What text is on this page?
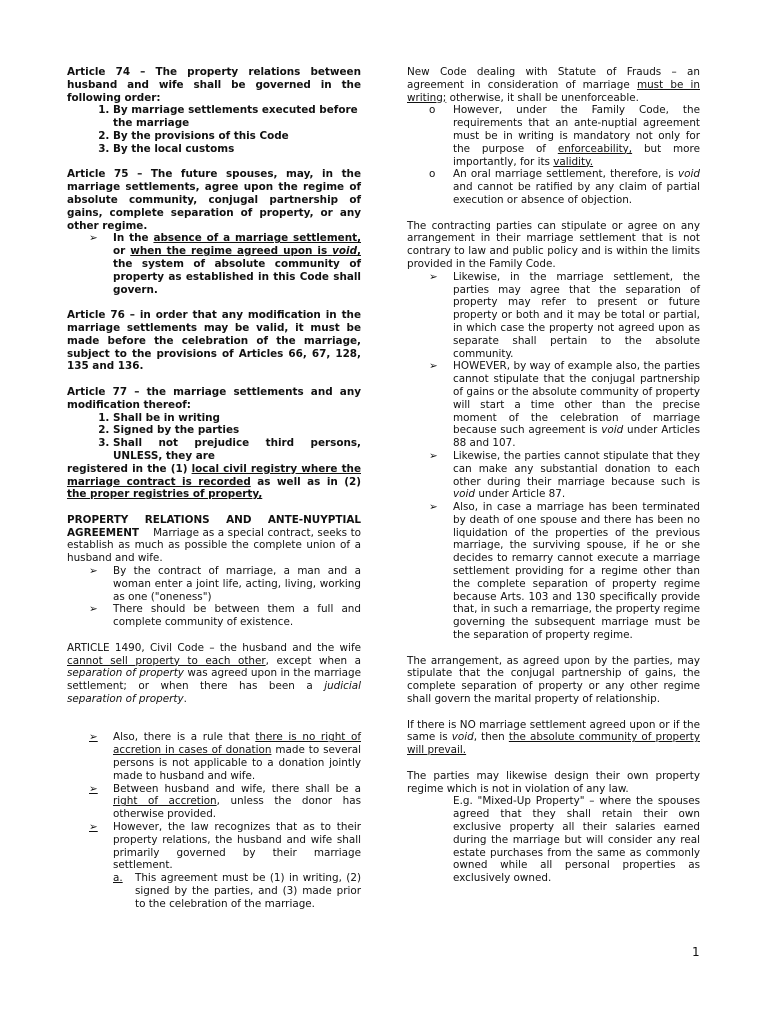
Article 74 – The property relations between husband and wife shall be governed in the following order:

1. By marriage settlements executed before the marriage
2. By the provisions of this Code
3. By the local customs

Article 75 – The future spouses, may, in the marriage settlements, agree upon the regime of absolute community, conjugal partnership of gains, complete separation of property, or any other regime.

➢ In the absence of a marriage settlement, or when the regime agreed upon is void, the system of absolute community of property as established in this Code shall govern.

Article 76 – in order that any modification in the marriage settlements may be valid, it must be made before the celebration of the marriage, subject to the provisions of Articles 66, 67, 128, 135 and 136.

Article 77 – the marriage settlements and any modification thereof:

1. Shall be in writing
2. Signed by the parties
3. Shall not prejudice third persons, UNLESS, they are

registered in the (1) local civil registry where the marriage contract is recorded as well as in (2) the proper registries of property,

PROPERTY RELATIONS AND ANTE-NUYPTIAL AGREEMENT Marriage as a special contract, seeks to establish as much as possible the complete union of a husband and wife.

➢ By the contract of marriage, a man and a woman enter a joint life, acting, living, working as one ("oneness")
➢ There should be between them a full and complete community of existence.

ARTICLE 1490, Civil Code – the husband and the wife cannot sell property to each other, except when a separation of property was agreed upon in the marriage settlement; or when there has been a judicial separation of property.

➢ Also, there is a rule that there is no right of accretion in cases of donation made to several persons is not applicable to a donation jointly made to husband and wife.
➢ Between husband and wife, there shall be a right of accretion, unless the donor has otherwise provided.
➢ However, the law recognizes that as to their property relations, the husband and wife shall primarily governed by their marriage settlement.
a. This agreement must be (1) in writing, (2) signed by the parties, and (3) made prior to the celebration of the marriage.

New Code dealing with Statute of Frauds – an agreement in consideration of marriage must be in writing; otherwise, it shall be unenforceable.

o However, under the Family Code, the requirements that an ante-nuptial agreement must be in writing is mandatory not only for the purpose of enforceability, but more importantly, for its validity.
o An oral marriage settlement, therefore, is void and cannot be ratified by any claim of partial execution or absence of objection.

The contracting parties can stipulate or agree on any arrangement in their marriage settlement that is not contrary to law and public policy and is within the limits provided in the Family Code.

➢ Likewise, in the marriage settlement, the parties may agree that the separation of property may refer to present or future property or both and it may be total or partial, in which case the property not agreed upon as separate shall pertain to the absolute community.
➢ HOWEVER, by way of example also, the parties cannot stipulate that the conjugal partnership of gains or the absolute community of property will start a time other than the precise moment of the celebration of marriage because such agreement is void under Articles 88 and 107.
➢ Likewise, the parties cannot stipulate that they can make any substantial donation to each other during their marriage because such is void under Article 87.
➢ Also, in case a marriage has been terminated by death of one spouse and there has been no liquidation of the properties of the previous marriage, the surviving spouse, if he or she decides to remarry cannot execute a marriage settlement providing for a regime other than the complete separation of property regime because Arts. 103 and 130 specifically provide that, in such a remarriage, the property regime governing the subsequent marriage must be the separation of property regime.

The arrangement, as agreed upon by the parties, may stipulate that the conjugal partnership of gains, the complete separation of property or any other regime shall govern the marital property of relationship.

If there is NO marriage settlement agreed upon or if the same is void, then the absolute community of property will prevail.

The parties may likewise design their own property regime which is not in violation of any law.

E.g. "Mixed-Up Property" – where the spouses agreed that they shall retain their own exclusive property all their salaries earned during the marriage but will consider any real estate purchases from the same as commonly owned while all personal properties as exclusively owned.

1
